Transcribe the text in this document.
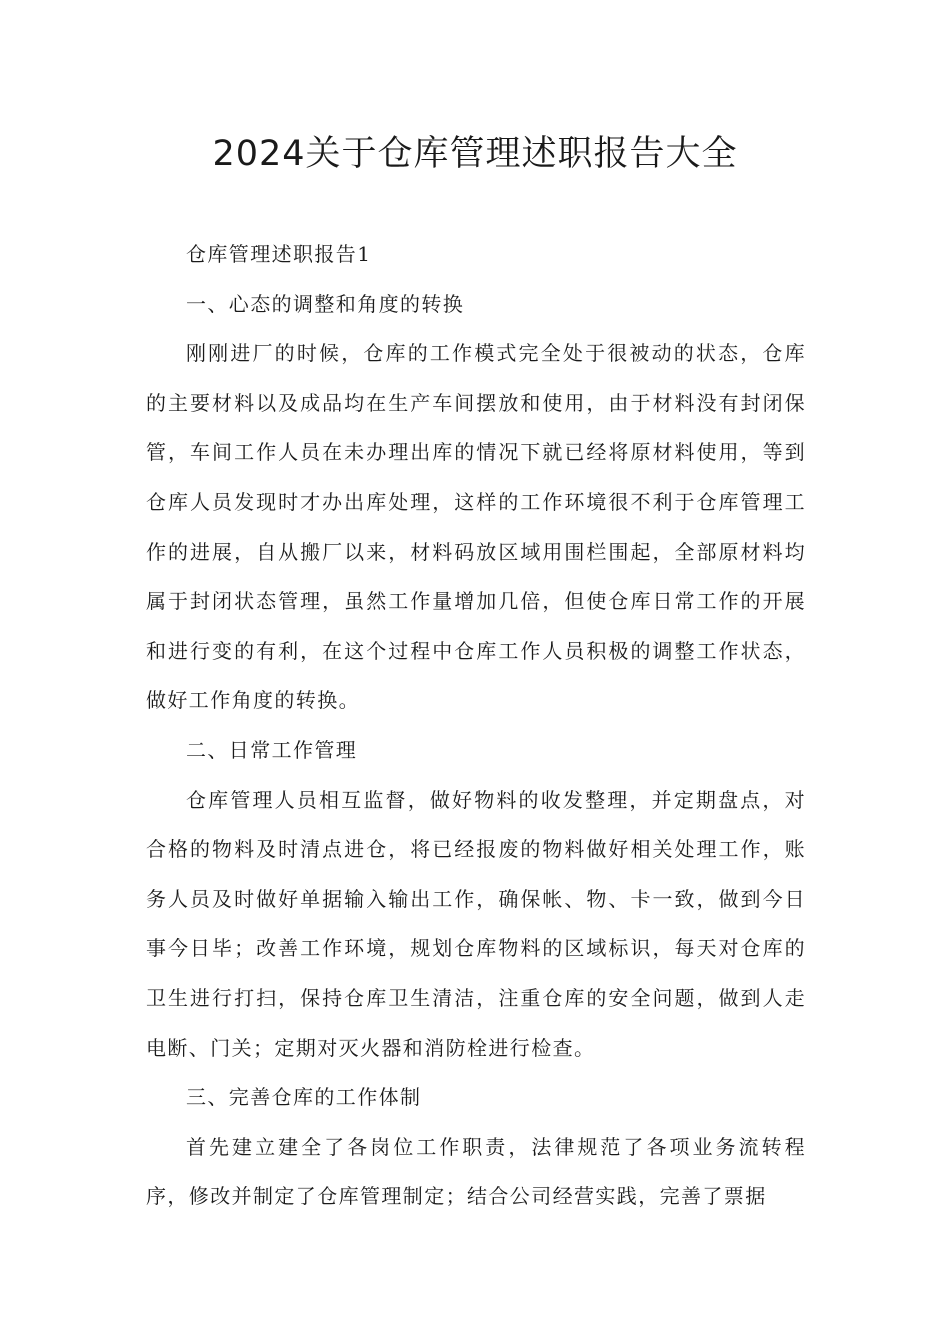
2024关于仓库管理述职报告大全

仓库管理述职报告1

一、心态的调整和角度的转换

刚刚进厂的时候，仓库的工作模式完全处于很被动的状态，仓库的主要材料以及成品均在生产车间摆放和使用，由于材料没有封闭保管，车间工作人员在未办理出库的情况下就已经将原材料使用，等到仓库人员发现时才办出库处理，这样的工作环境很不利于仓库管理工作的进展，自从搬厂以来，材料码放区域用围栏围起，全部原材料均属于封闭状态管理，虽然工作量增加几倍，但使仓库日常工作的开展和进行变的有利，在这个过程中仓库工作人员积极的调整工作状态，做好工作角度的转换。

二、日常工作管理

仓库管理人员相互监督，做好物料的收发整理，并定期盘点，对合格的物料及时清点进仓，将已经报废的物料做好相关处理工作，账务人员及时做好单据输入输出工作，确保帐、物、卡一致，做到今日事今日毕；改善工作环境，规划仓库物料的区域标识，每天对仓库的卫生进行打扫，保持仓库卫生清洁，注重仓库的安全问题，做到人走电断、门关；定期对灭火器和消防栓进行检查。

三、完善仓库的工作体制

首先建立建全了各岗位工作职责，法律规范了各项业务流转程序，修改并制定了仓库管理制定；结合公司经营实践，完善了票据
